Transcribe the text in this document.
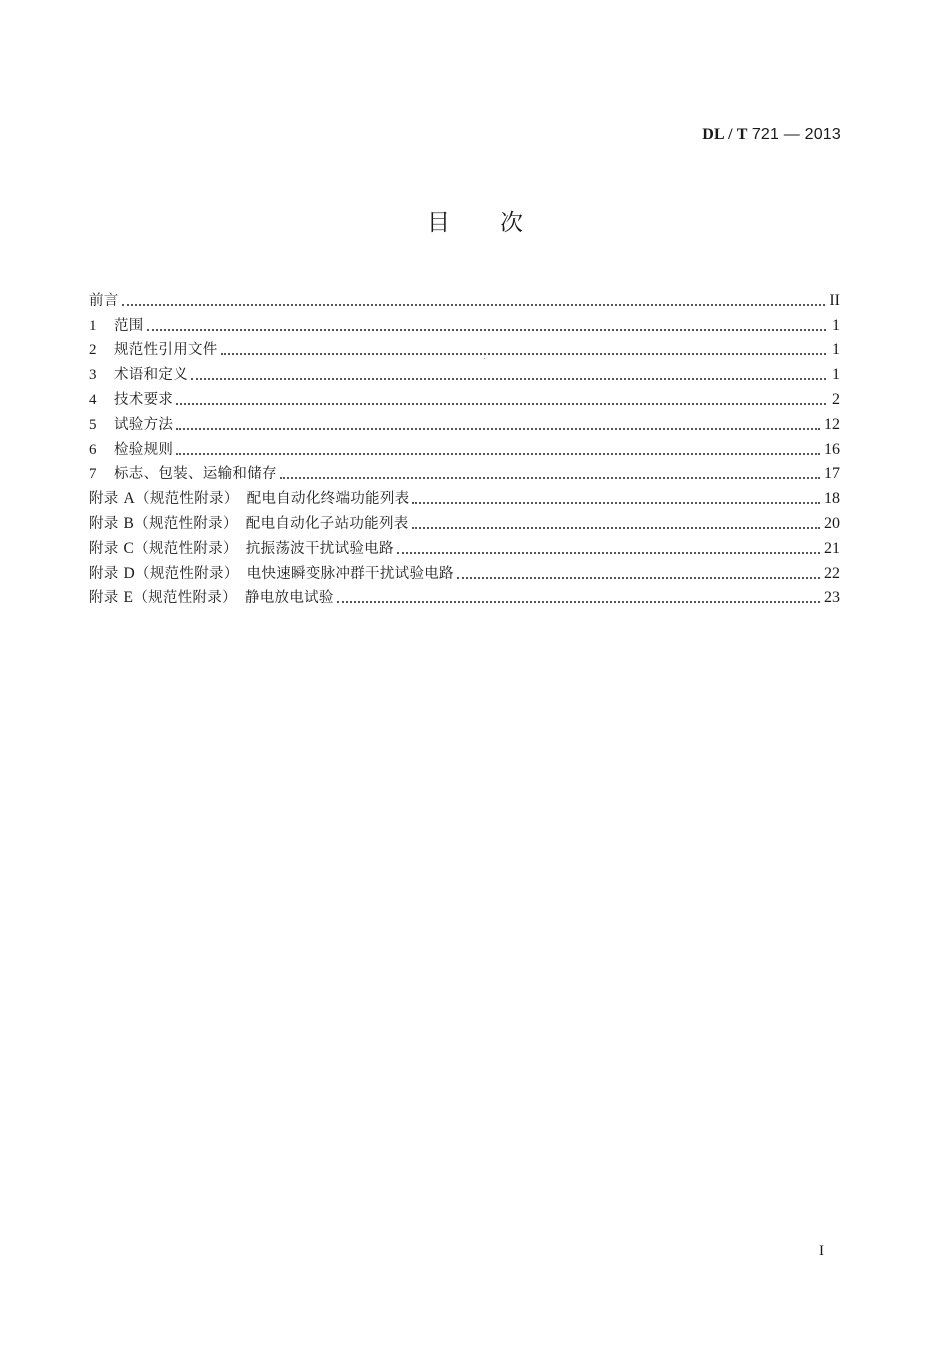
DL / T 721 — 2013
目 次
前言	II
1	范围	1
2	规范性引用文件	1
3	术语和定义	1
4	技术要求	2
5	试验方法	12
6	检验规则	16
7	标志、包装、运输和储存	17
附录 A（规范性附录） 配电自动化终端功能列表	18
附录 B（规范性附录） 配电自动化子站功能列表	20
附录 C（规范性附录） 抗振荡波干扰试验电路	21
附录 D（规范性附录） 电快速瞬变脉冲群干扰试验电路	22
附录 E（规范性附录） 静电放电试验	23
I
